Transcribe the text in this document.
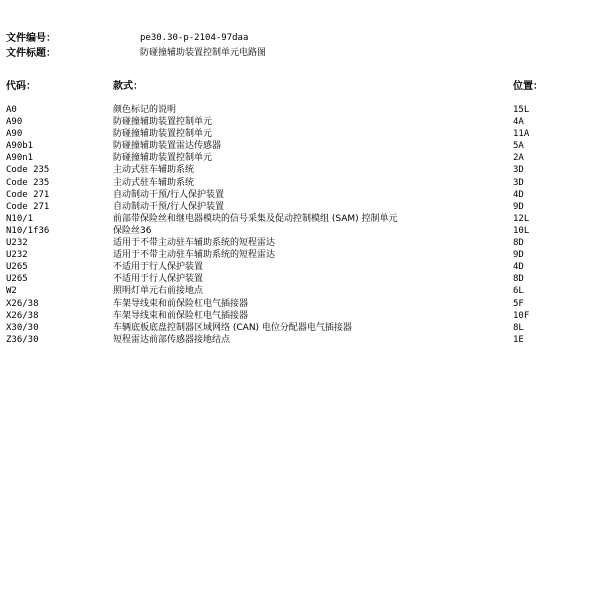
文件编号：	pe30.30-p-2104-97daa
文件标题：	防碰撞辅助装置控制单元电路图
代码：	款式：	位置：
A0	颜色标记的说明	15L
A90	防碰撞辅助装置控制单元	4A
A90	防碰撞辅助装置控制单元	11A
A90b1	防碰撞辅助装置雷达传感器	5A
A90n1	防碰撞辅助装置控制单元	2A
Code 235	主动式驻车辅助系统	3D
Code 235	主动式驻车辅助系统	3D
Code 271	自动制动干预/行人保护装置	4D
Code 271	自动制动干预/行人保护装置	9D
N10/1	前部带保险丝和继电器模块的信号采集及促动控制模组 (SAM) 控制单元	12L
N10/1f36	保险丝36	10L
U232	适用于不带主动驻车辅助系统的短程雷达	8D
U232	适用于不带主动驻车辅助系统的短程雷达	9D
U265	不适用于行人保护装置	4D
U265	不适用于行人保护装置	8D
W2	照明灯单元右前接地点	6L
X26/38	车架导线束和前保险杠电气插接器	5F
X26/38	车架导线束和前保险杠电气插接器	10F
X30/30	车辆底板底盘控制器区域网络 (CAN) 电位分配器电气插接器	8L
Z36/30	短程雷达前部传感器接地结点	1E
